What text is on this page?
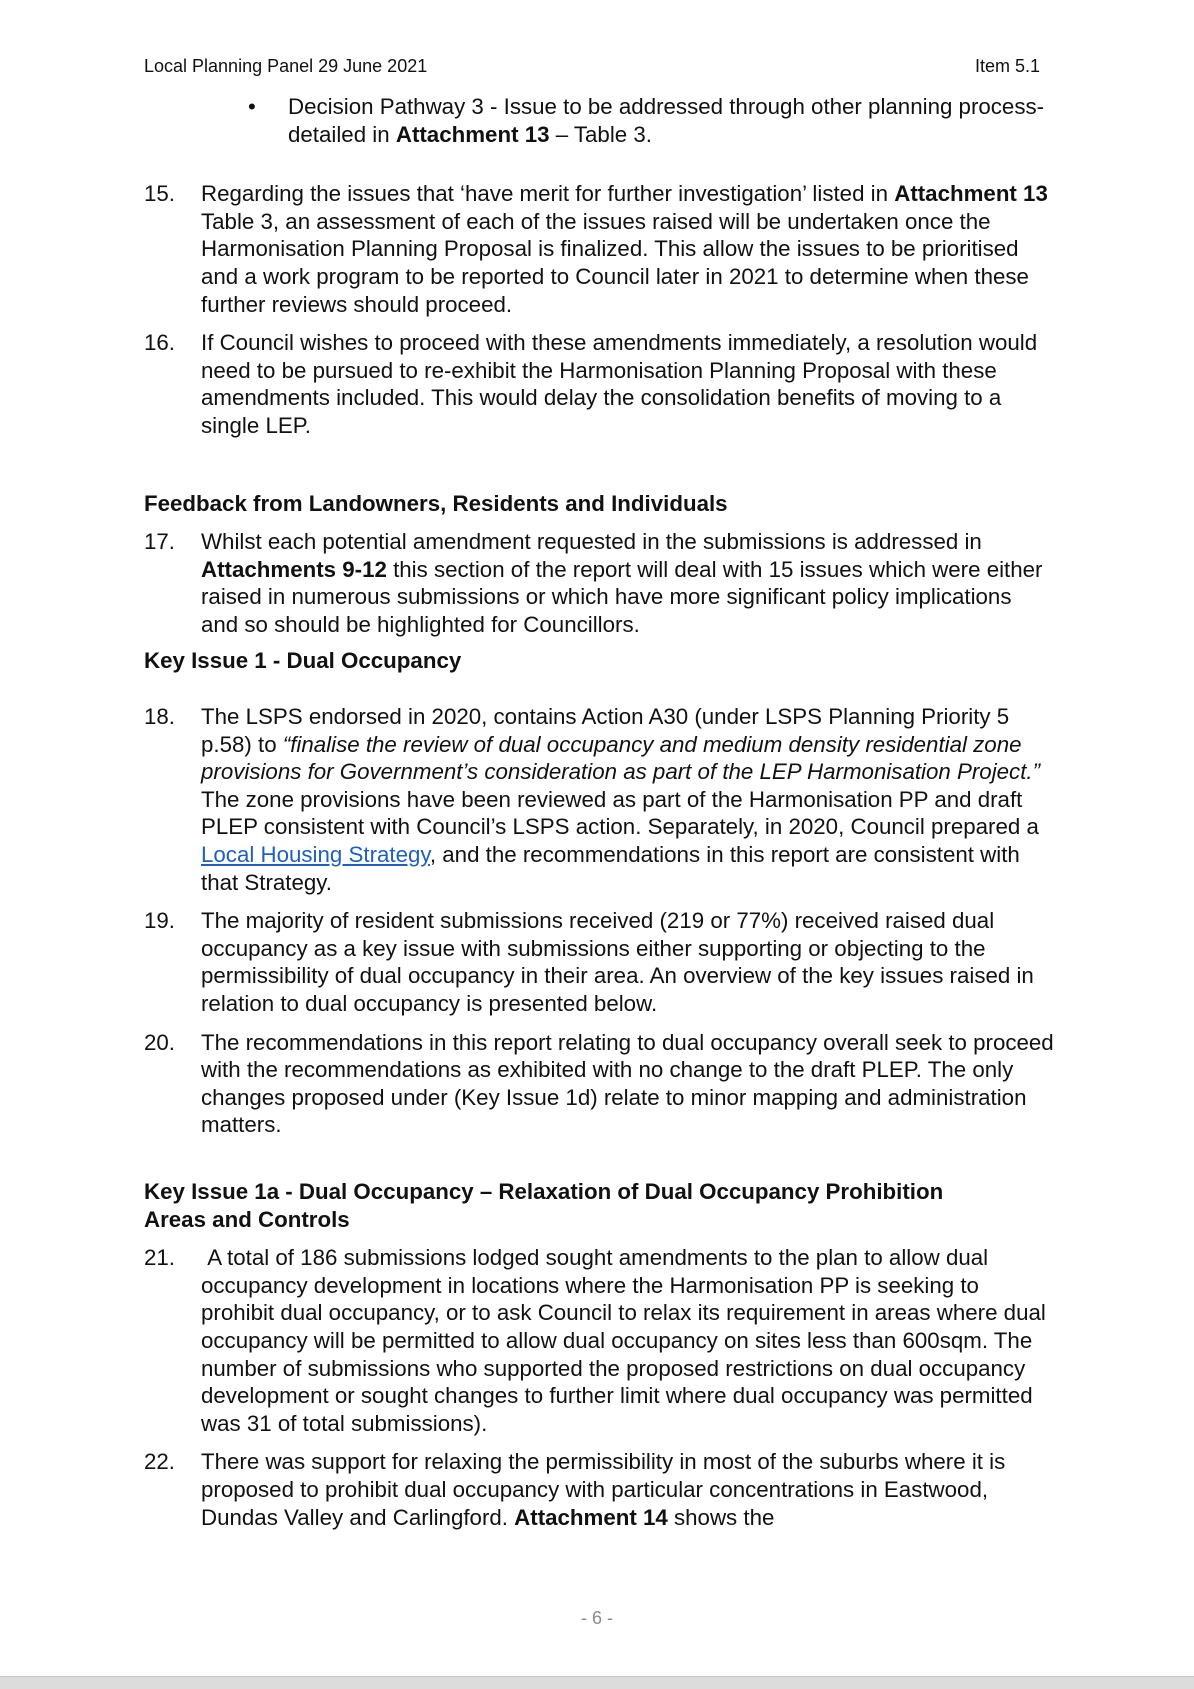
Local Planning Panel 29 June 2021	Item 5.1
•	Decision Pathway 3 - Issue to be addressed through other planning process- detailed in Attachment 13 – Table 3.
15.	Regarding the issues that ‘have merit for further investigation’ listed in Attachment 13 Table 3, an assessment of each of the issues raised will be undertaken once the Harmonisation Planning Proposal is finalized. This allow the issues to be prioritised and a work program to be reported to Council later in 2021 to determine when these further reviews should proceed.
16.	If Council wishes to proceed with these amendments immediately, a resolution would need to be pursued to re-exhibit the Harmonisation Planning Proposal with these amendments included. This would delay the consolidation benefits of moving to a single LEP.
Feedback from Landowners, Residents and Individuals
17.	Whilst each potential amendment requested in the submissions is addressed in Attachments 9-12 this section of the report will deal with 15 issues which were either raised in numerous submissions or which have more significant policy implications and so should be highlighted for Councillors.
Key Issue 1 - Dual Occupancy
18.	The LSPS endorsed in 2020, contains Action A30 (under LSPS Planning Priority 5 p.58) to “finalise the review of dual occupancy and medium density residential zone provisions for Government’s consideration as part of the LEP Harmonisation Project.” The zone provisions have been reviewed as part of the Harmonisation PP and draft PLEP consistent with Council’s LSPS action. Separately, in 2020, Council prepared a Local Housing Strategy, and the recommendations in this report are consistent with that Strategy.
19.	The majority of resident submissions received (219 or 77%) received raised dual occupancy as a key issue with submissions either supporting or objecting to the permissibility of dual occupancy in their area. An overview of the key issues raised in relation to dual occupancy is presented below.
20.	The recommendations in this report relating to dual occupancy overall seek to proceed with the recommendations as exhibited with no change to the draft PLEP. The only changes proposed under (Key Issue 1d) relate to minor mapping and administration matters.
Key Issue 1a - Dual Occupancy – Relaxation of Dual Occupancy Prohibition Areas and Controls
21.	A total of 186 submissions lodged sought amendments to the plan to allow dual occupancy development in locations where the Harmonisation PP is seeking to prohibit dual occupancy, or to ask Council to relax its requirement in areas where dual occupancy will be permitted to allow dual occupancy on sites less than 600sqm. The number of submissions who supported the proposed restrictions on dual occupancy development or sought changes to further limit where dual occupancy was permitted was 31 of total submissions).
22.	There was support for relaxing the permissibility in most of the suburbs where it is proposed to prohibit dual occupancy with particular concentrations in Eastwood, Dundas Valley and Carlingford. Attachment 14 shows the
- 6 -
